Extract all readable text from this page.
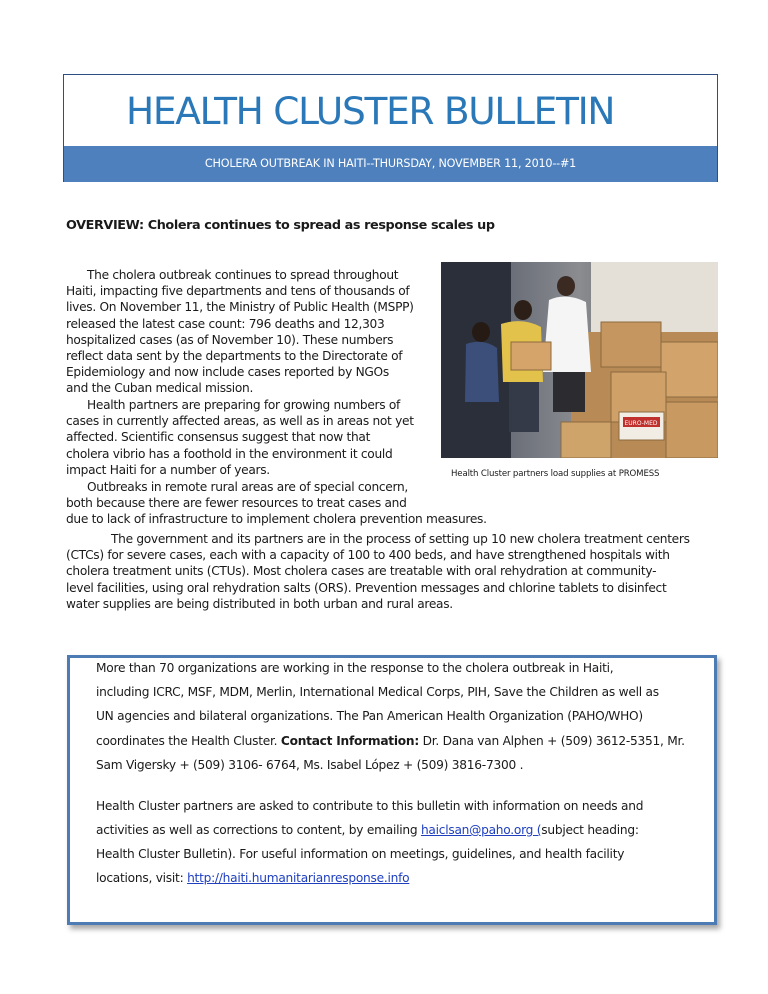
HEALTH CLUSTER BULLETIN
CHOLERA OUTBREAK IN HAITI--THURSDAY, NOVEMBER 11, 2010--#1
OVERVIEW: Cholera continues to spread as response scales up
The cholera outbreak continues to spread throughout
Haiti, impacting five departments and tens of thousands of
lives. On November 11, the Ministry of Public Health (MSPP)
released the latest case count: 796 deaths and 12,303
hospitalized cases (as of November 10). These numbers
reflect data sent by the departments to the Directorate of
Epidemiology and now include cases reported by NGOs
and the Cuban medical mission.
Health partners are preparing for growing numbers of
cases in currently affected areas, as well as in areas not yet
affected. Scientific consensus suggest that now that
cholera vibrio has a foothold in the environment it could
impact Haiti for a number of years.
EURO-MED
Health Cluster partners load supplies at PROMESS
Outbreaks in remote rural areas are of special concern,
both because there are fewer resources to treat cases and
due to lack of infrastructure to implement cholera prevention measures.
The government and its partners are in the process of setting up 10 new cholera treatment centers
(CTCs) for severe cases, each with a capacity of 100 to 400 beds, and have strengthened hospitals with
cholera treatment units (CTUs). Most cholera cases are treatable with oral rehydration at community-
level facilities, using oral rehydration salts (ORS). Prevention messages and chlorine tablets to disinfect
water supplies are being distributed in both urban and rural areas.
More than 70 organizations are working in the response to the cholera outbreak in Haiti,
including ICRC, MSF, MDM, Merlin, International Medical Corps, PIH, Save the Children as well as
UN agencies and bilateral organizations. The Pan American Health Organization (PAHO/WHO)
coordinates the Health Cluster. Contact Information: Dr. Dana van Alphen + (509) 3612-5351, Mr.
Sam Vigersky + (509) 3106- 6764, Ms. Isabel López + (509) 3816-7300 .
Health Cluster partners are asked to contribute to this bulletin with information on needs and
activities as well as corrections to content, by emailing haiclsan@paho.org (subject heading:
Health Cluster Bulletin). For useful information on meetings, guidelines, and health facility
locations, visit: http://haiti.humanitarianresponse.info
